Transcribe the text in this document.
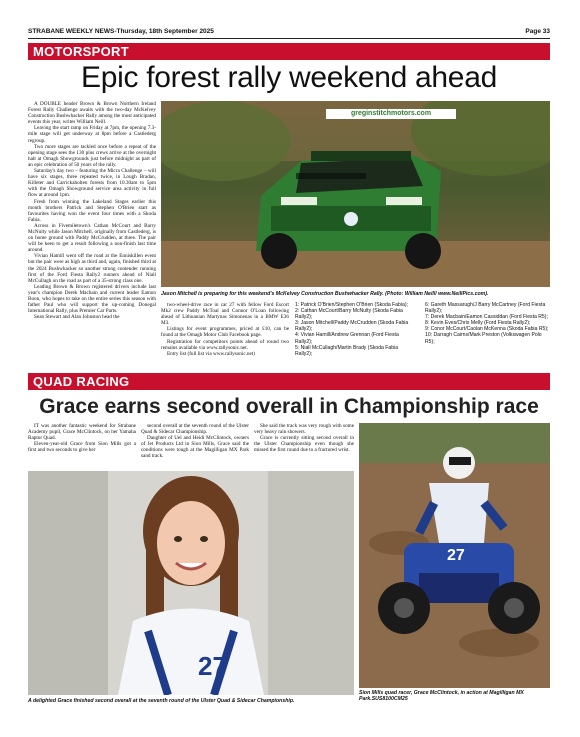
STRABANE WEEKLY NEWS-Thursday, 18th September 2025	Page 33
MOTORSPORT
Epic forest rally weekend ahead

A DOUBLE header Brown & Brown Northern Ireland Forest Rally Challenge awaits with the two-day McKelvey Construction Bushwhacker Rally among the most anticipated events this year, writes William Neill.

Leaving the start ramp on Friday at 7pm, the opening 7.3-mile stage will get underway at 8pm before a Castlederg regroup.

Two more stages are tackled once before a repeat of the opening stage sees the 130 plus crews arrive at the overnight halt at Omagh Showgrounds just before midnight as part of an epic celebration of 50 years of the rally.

Saturday's day two – featuring the Micra Challenge – will have six stages, three repeated twice, in Lough Bradan, Killeter and Carrickaholten forests from 10.30am to 5pm with the Omagh Showground service area activity in full flow at around 1pm.

Fresh from winning the Lakeland Stages earlier this month brothers Patrick and Stephen O'Brien start as favourites having won the event four times with a Skoda Fabia.

Across in Fivemiletown's Cathan McCourt and Barry McNulty while Jason Mitchell, originally from Castlederg, is on home ground with Paddy McCrudden, at three. The pair will be keen to get a result following a non-finish last time around.

Vivian Hamill went off the road at the Enniskillen event but the pair were as high as third and, again, finished third at the 2024 Bushwhacker so another strong contender running first of the Ford Fiesta Rally2 runners ahead of Niall McCullagh on the road as part of a 35-strong class one.

Leading Brown & Brown registered drivers include last year's champion Derek Macbain and current leader Eamon Boon, who hopes to take on the entire series this season with father Paul who will support the up-coming Donegal International Rally, plus Premier Car Parts.

Sean Stewart and Alan Johnston head the

greginstitchmotors.com
Jason Mitchell is preparing for this weekend's McKelvey Construction Bushwhacker Rally. (Photo: William Neill/ www.NeillPics.com).

two-wheel-drive race in car 27 with fellow Ford Escort Mk2 crew Paddy McToal and Connor O'Loan following ahead of Lithuanian Martynas Simonenas in a BMW E36 M3.

Listings for event programmes, priced at £10, can be found at the Omagh Motor Club Facebook page.

Registration for competitors points ahead of round two remains available via www.rallysonic.net.

Entry list (full list via www.rallysonic.net)

1: Patrick O'Brien/Stephen O'Brien (Skoda Fabia);
2: Cathan McCourt/Barry McNulty (Skoda Fabia Rally2);
3: Jason Mitchell/Paddy McCrudden (Skoda Fabia Rally2);
4: Vivian Hamill/Andrew Grennan (Ford Fiesta Rally2);
5: Niall McCullagh/Martin Brady (Skoda Fabia Rally2);
6: Gareth Massarugh/J Barry McCartney (Ford Fiesta Rally2);
7: Derek Macbain/Eamon Cassiddan (Ford Fiesta R5);
8: Kevin Eves/Chris Melly (Ford Fiesta Rally2);
9: Conor McCourt/Caolan McKenna (Skoda Fabia R5);
10: Darragh Cairns/Mark Preston (Volkswagen Polo R5);
QUAD RACING
Grace earns second overall in Championship race

IT was another fantastic weekend for Strabane Academy pupil, Grace McClintock, on her Yamaha Raptor Quad.

Eleven-year-old Grace from Sion Mills got a first and two seconds to give her

second overall at the seventh round of the Ulster Quad & Sidecar Championship.

Daughter of Uel and Heidi McClintock, owners of Jet Products Ltd in Sion Mills, Grace said the conditions were tough at the Magilligan MX Park sand track.

She said the track was very rough with some very heavy rain showers.

Grace is currently sitting second overall in the Ulster Championship even though she missed the first round due to a fractured wrist.

27
A delighted Grace finished second overall at the seventh round of the Ulster Quad & Sidecar Championship.
27
Sion Mills quad racer, Grace McClintock, in action at Magilligan MX Park.SUS8100CM25
